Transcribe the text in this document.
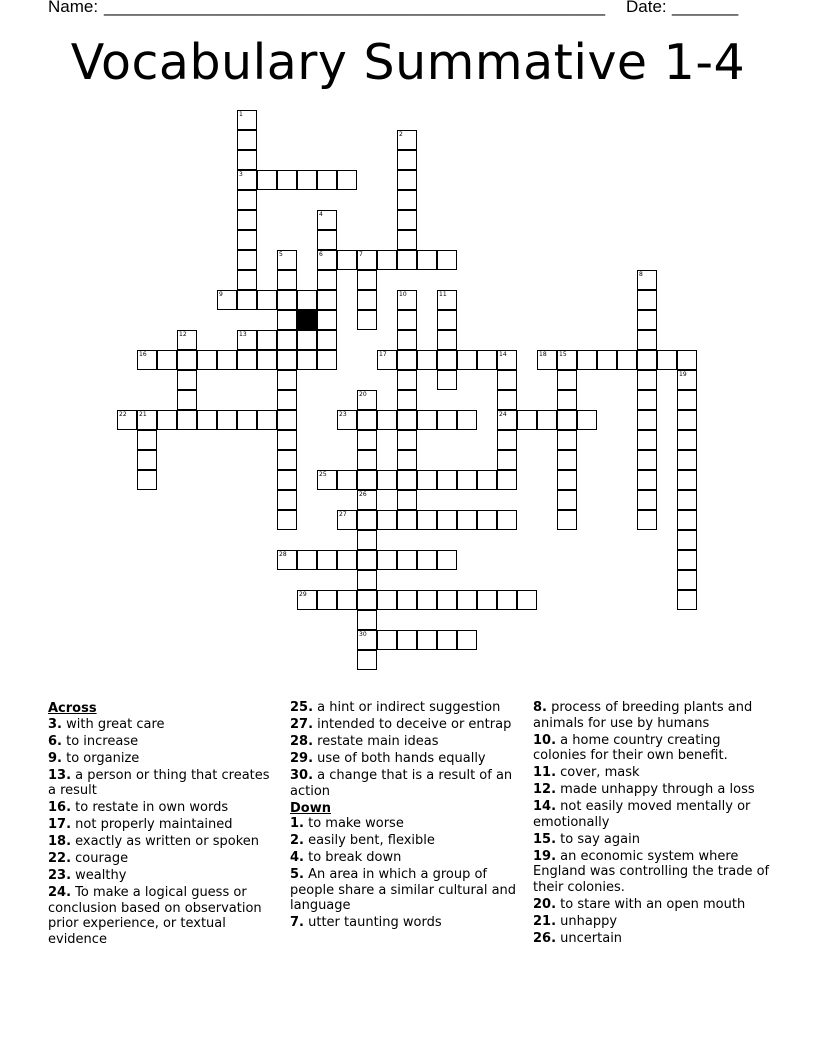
Name:

_____________________________________________________

Date:

_______

Vocabulary Summative 1-4
3
6	7
9
13
16	17	14	18 15
22 21	23	24
25
27
28
29
30
1
2
4
5
8
10	11
12
19
20
26
Across
3. with great care
6. to increase
9. to organize
13. a person or thing that creates a result
16. to restate in own words
17. not properly maintained
18. exactly as written or spoken
22. courage
23. wealthy
24. To make a logical guess or conclusion based on observation prior experience, or textual evidence
25. a hint or indirect suggestion
27. intended to deceive or entrap
28. restate main ideas
29. use of both hands equally
30. a change that is a result of an action
Down
1. to make worse
2. easily bent, flexible
4. to break down
5. An area in which a group of people share a similar cultural and language
7. utter taunting words
8. process of breeding plants and animals for use by humans
10. a home country creating colonies for their own benefit.
11. cover, mask
12. made unhappy through a loss
14. not easily moved mentally or emotionally
15. to say again
19. an economic system where England was controlling the trade of their colonies.
20. to stare with an open mouth
21. unhappy
26. uncertain
